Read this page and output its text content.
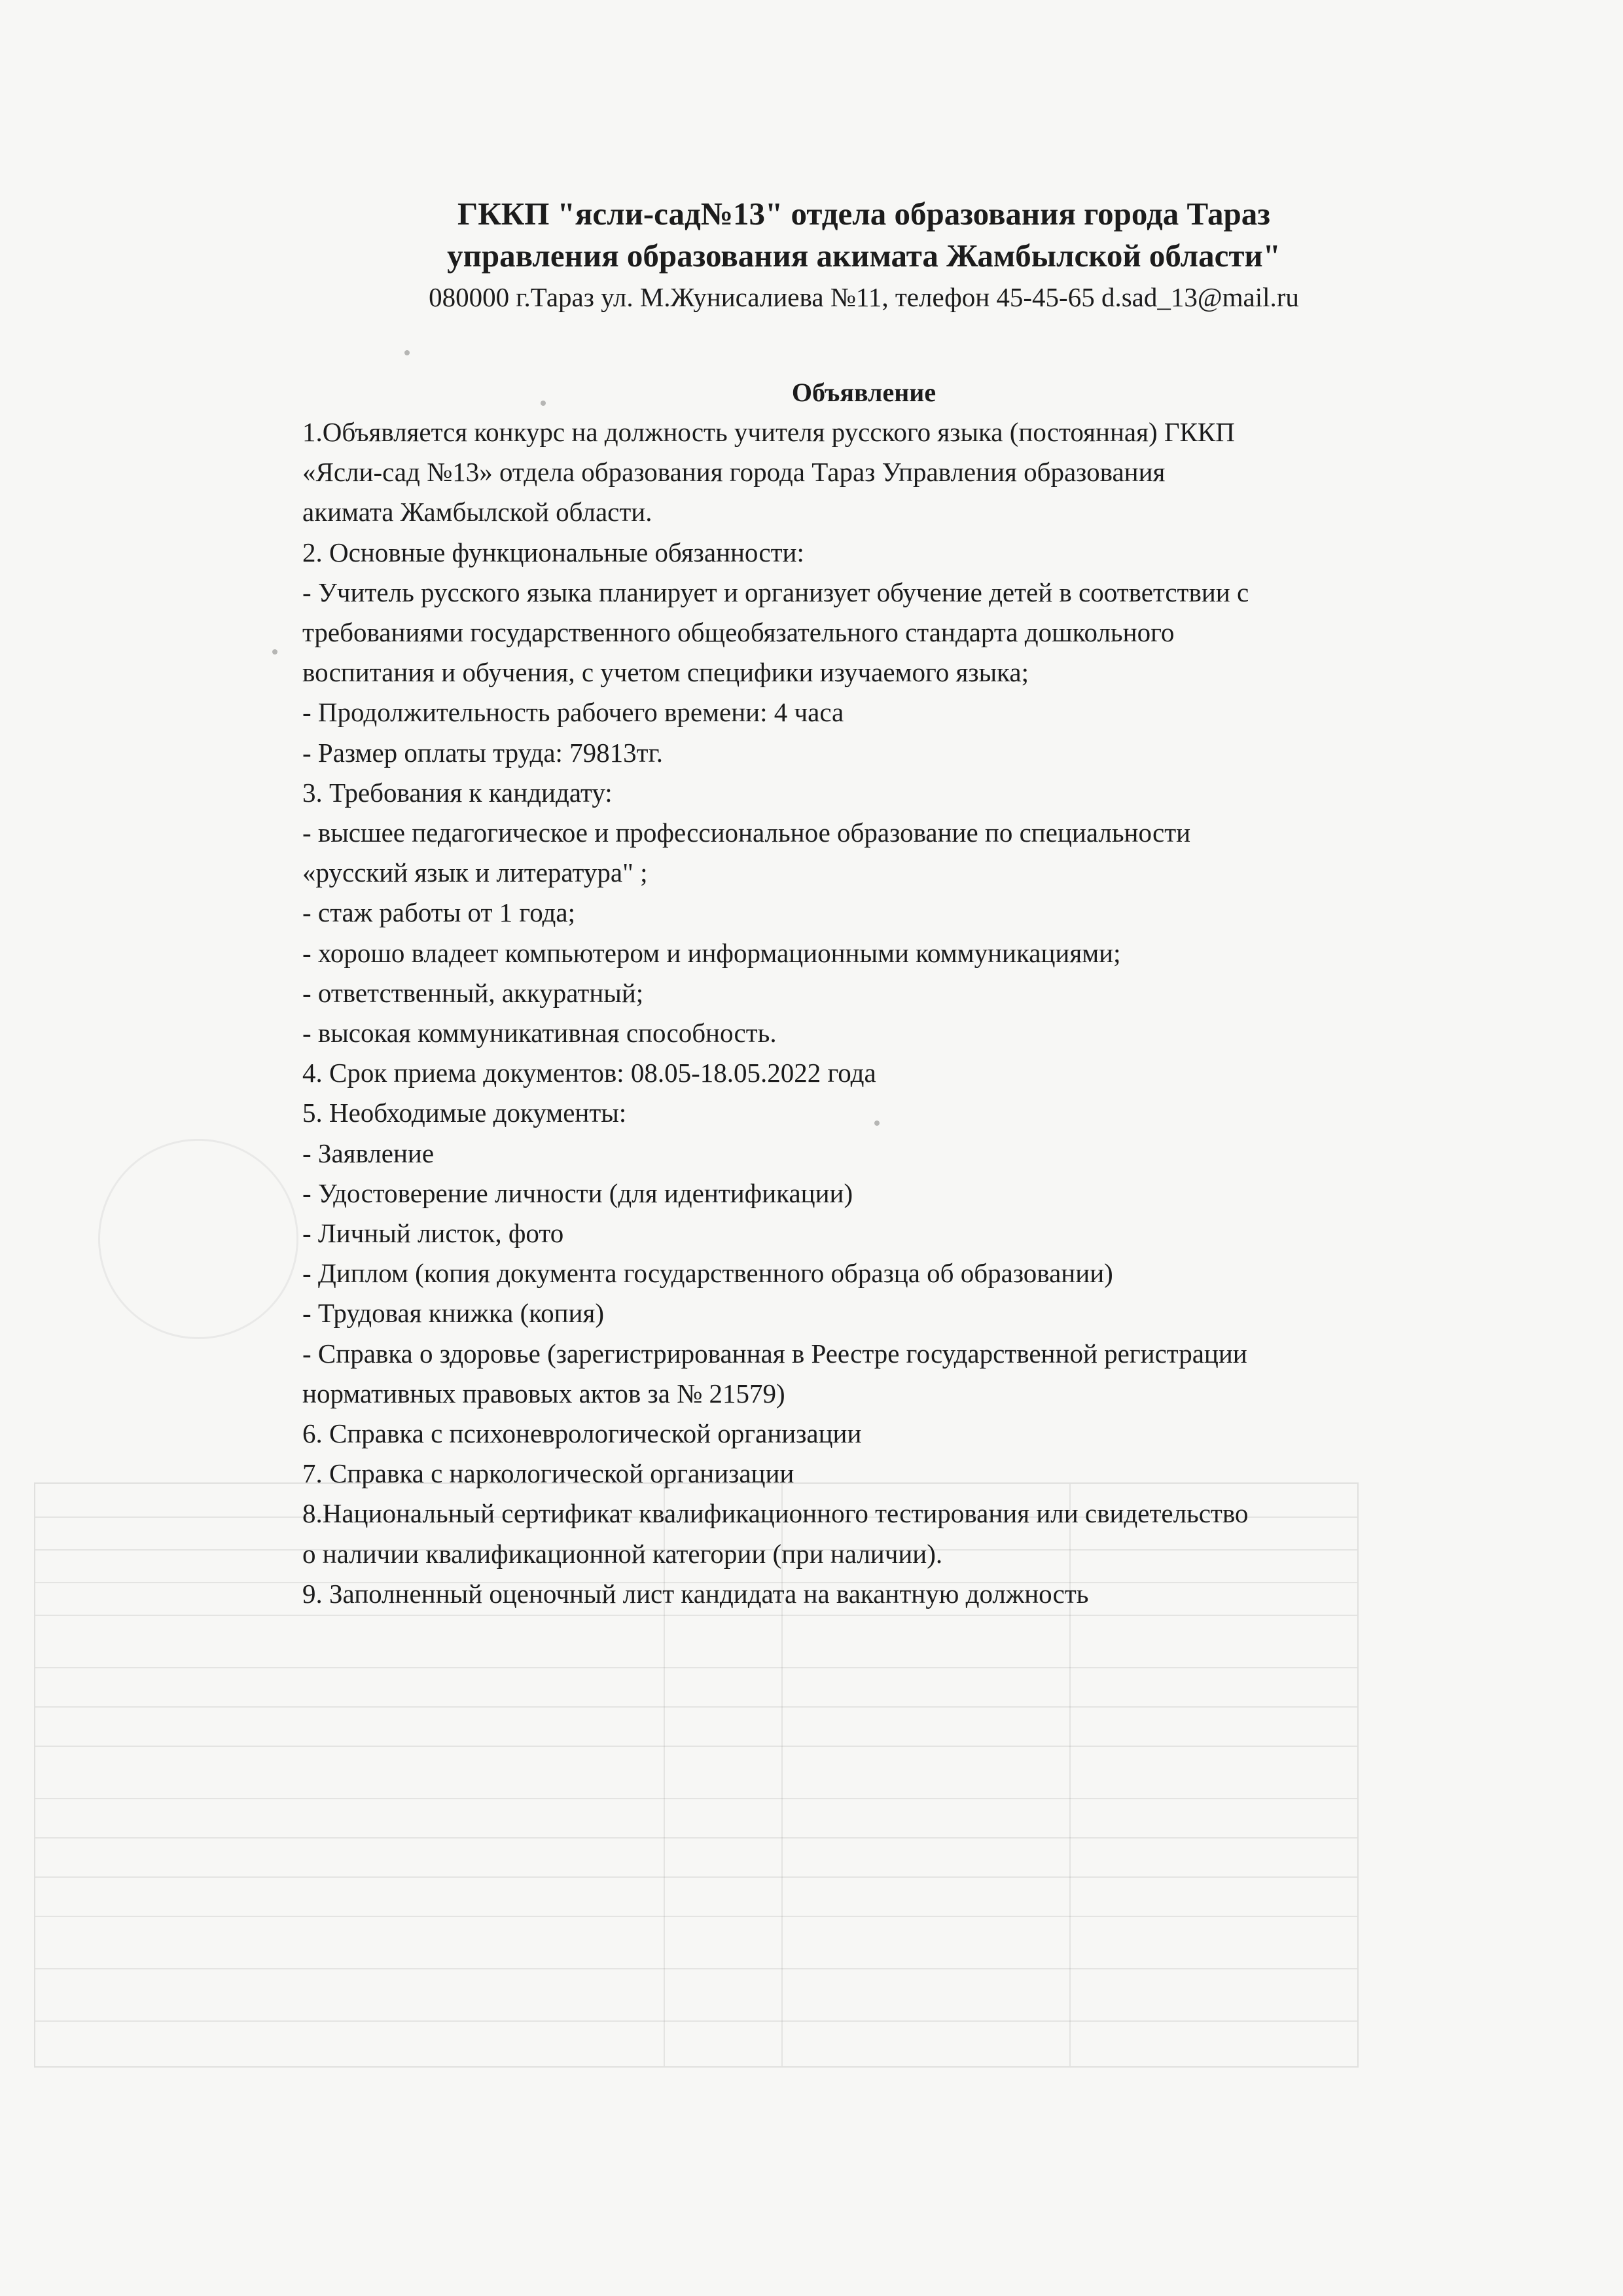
ГККП "ясли-сад№13" отдела образования города Тараз
управления образования акимата Жамбылской области"
080000 г.Тараз ул. М.Жунисалиева №11, телефон 45-45-65 d.sad_13@mail.ru
Объявление
1.Объявляется конкурс на должность учителя русского языка (постоянная) ГККП
«Ясли-сад №13» отдела образования города Тараз Управления образования
акимата Жамбылской области.
2. Основные функциональные обязанности:
- Учитель русского языка планирует и организует обучение детей в соответствии с
требованиями государственного общеобязательного стандарта дошкольного
воспитания и обучения, с учетом специфики изучаемого языка;
- Продолжительность рабочего времени: 4 часа
- Размер оплаты труда: 79813тг.
3. Требования к кандидату:
- высшее педагогическое и профессиональное образование по специальности
«русский язык и литература" ;
- стаж работы от 1 года;
- хорошо владеет компьютером и информационными коммуникациями;
- ответственный, аккуратный;
- высокая коммуникативная способность.
4. Срок приема документов: 08.05-18.05.2022 года
5. Необходимые документы:
- Заявление
- Удостоверение личности (для идентификации)
- Личный листок, фото
- Диплом (копия документа государственного образца об образовании)
- Трудовая книжка (копия)
- Справка о здоровье (зарегистрированная в Реестре государственной регистрации
нормативных правовых актов за № 21579)
6. Справка с психоневрологической организации
7. Справка с наркологической организации
8.Национальный сертификат квалификационного тестирования или свидетельство
о наличии квалификационной категории (при наличии).
9. Заполненный оценочный лист кандидата на вакантную должность
